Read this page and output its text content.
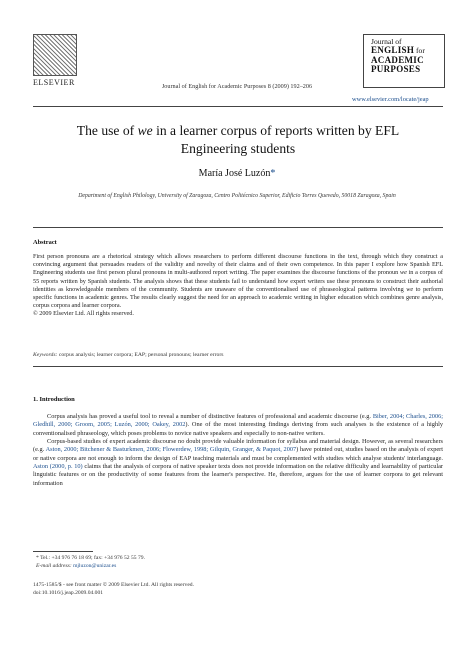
ELSEVIER	Journal of English for Academic Purposes 8 (2009) 192–206
Journal of
ENGLISH for
ACADEMIC
PURPOSES
www.elsevier.com/locate/jeap
The use of we in a learner corpus of reports written by EFL
Engineering students
María José Luzón*
Department of English Philology, University of Zaragoza, Centro Politécnico Superior, Edificio Torres Quevedo, 50018 Zaragoza, Spain
Abstract
First person pronouns are a rhetorical strategy which allows researchers to perform different discourse functions in the text, through which they construct a convincing argument that persuades readers of the validity and novelty of their claims and of their own competence. In this paper I explore how Spanish EFL Engineering students use first person plural pronouns in multi-authored report writing. The paper examines the discourse functions of the pronoun we in a corpus of 55 reports written by Spanish students. The analysis shows that these students fail to understand how expert writers use these pronouns to construct their authorial identities as knowledgeable members of the community. Students are unaware of the conventionalised use of phraseological patterns involving we to perform specific functions in academic genres. The results clearly suggest the need for an approach to academic writing in higher education which combines genre analysis, corpus corpora and learner corpora.
© 2009 Elsevier Ltd. All rights reserved.
Keywords: corpus analysis; learner corpora; EAP; personal pronouns; learner errors
1. Introduction

Corpus analysis has proved a useful tool to reveal a number of distinctive features of professional and academic discourse (e.g. Biber, 2004; Charles, 2006; Gledhill, 2000; Groom, 2005; Luzón, 2000; Oakey, 2002). One of the most interesting findings deriving from such analyses is the existence of a highly conventionalised phraseology, which poses problems to novice native speakers and especially to non-native writers.

Corpus-based studies of expert academic discourse no doubt provide valuable information for syllabus and material design. However, as several researchers (e.g. Aston, 2000; Bitchener & Basturkmen, 2006; Flowerdew, 1998; Gilquin, Granger, & Paquot, 2007) have pointed out, studies based on the analysis of expert or native corpora are not enough to inform the design of EAP teaching materials and must be complemented with studies which analyse students' interlanguage. Aston (2000, p. 10) claims that the analysis of corpora of native speaker texts does not provide information on the relative difficulty and learnability of particular linguistic features or on the productivity of some features from the learner's perspective. He, therefore, argues for the use of learner corpora to get relevant information

* Tel.: +34 976 76 18 69; fax: +34 976 52 55 79.
E-mail address: mjluzon@unizar.es
1475-1585/$ - see front matter © 2009 Elsevier Ltd. All rights reserved.
doi:10.1016/j.jeap.2009.04.001
